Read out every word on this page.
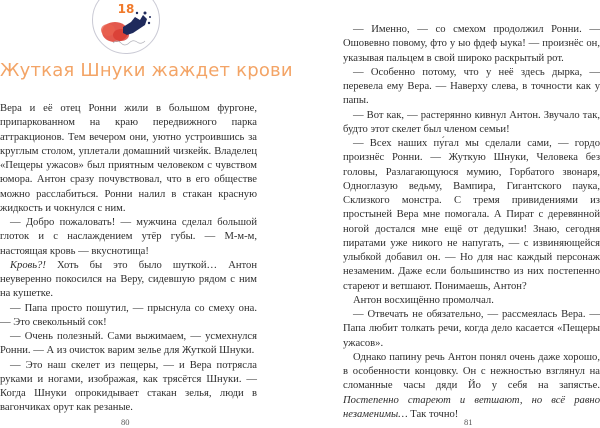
18
Жуткая Шнуки жаждет крови

Вера и её отец Ронни жили в большом фургоне, припаркованном на краю передвижного парка аттракционов. Тем вечером они, уютно устроившись за круглым столом, уплетали домашний чизкейк. Владелец «Пещеры ужасов» был приятным человеком с чувством юмора. Антон сразу почувствовал, что в его обществе можно расслабиться. Ронни налил в стакан красную жидкость и чокнулся с ним.

— Добро пожаловать! — мужчина сделал большой глоток и с наслаждением утёр губы. — М-м-м, настоящая кровь — вкуснотища!

Кровь?! Хоть бы это было шуткой… Антон неуверенно покосился на Веру, сидевшую рядом с ним на кушетке.

— Папа просто пошутил, — прыснула со смеху она. — Это свекольный сок!

— Очень полезный. Сами выжимаем, — усмехнулся Ронни. — А из очисток варим зелье для Жуткой Шнуки.

— Это наш скелет из пещеры, — и Вера потрясла руками и ногами, изображая, как трясётся Шнуки. — Когда Шнуки опрокидывает стакан зелья, люди в вагончиках орут как резаные.

80

— Именно, — со смехом продолжил Ронни. — Ошовевно повому, фто у ыо фдеф ыука! — произнёс он, указывая пальцем в свой широко раскрытый рот.

— Особенно потому, что у неё здесь дырка, — перевела ему Вера. — Наверху слева, в точности как у папы.

— Вот как, — растерянно кивнул Антон. Звучало так, будто этот скелет был членом семьи!

— Всех наших пу́гал мы сделали сами, — гордо произнёс Ронни. — Жуткую Шнуки, Человека без головы, Разлагающуюся мумию, Горбатого звонаря, Одноглазую ведьму, Вампира, Гигантского паука, Склизкого монстра. С тремя привидениями из простыней Вера мне помогала. А Пират с деревянной ногой достался мне ещё от дедушки! Знаю, сегодня пиратами уже никого не напугать, — с извиняющейся улыбкой добавил он. — Но для нас каждый персонаж незаменим. Даже если большинство из них постепенно стареют и ветшают. Понимаешь, Антон?

Антон восхищённо промолчал.

— Отвечать не обязательно, — рассмеялась Вера. — Папа любит толкать речи, когда дело касается «Пещеры ужасов».

Однако папину речь Антон понял очень даже хорошо, в особенности концовку. Он с нежностью взглянул на сломанные часы дяди Йо у себя на запястье. Постепенно стареют и ветшают, но всё равно незаменимы… Так точно!

81
